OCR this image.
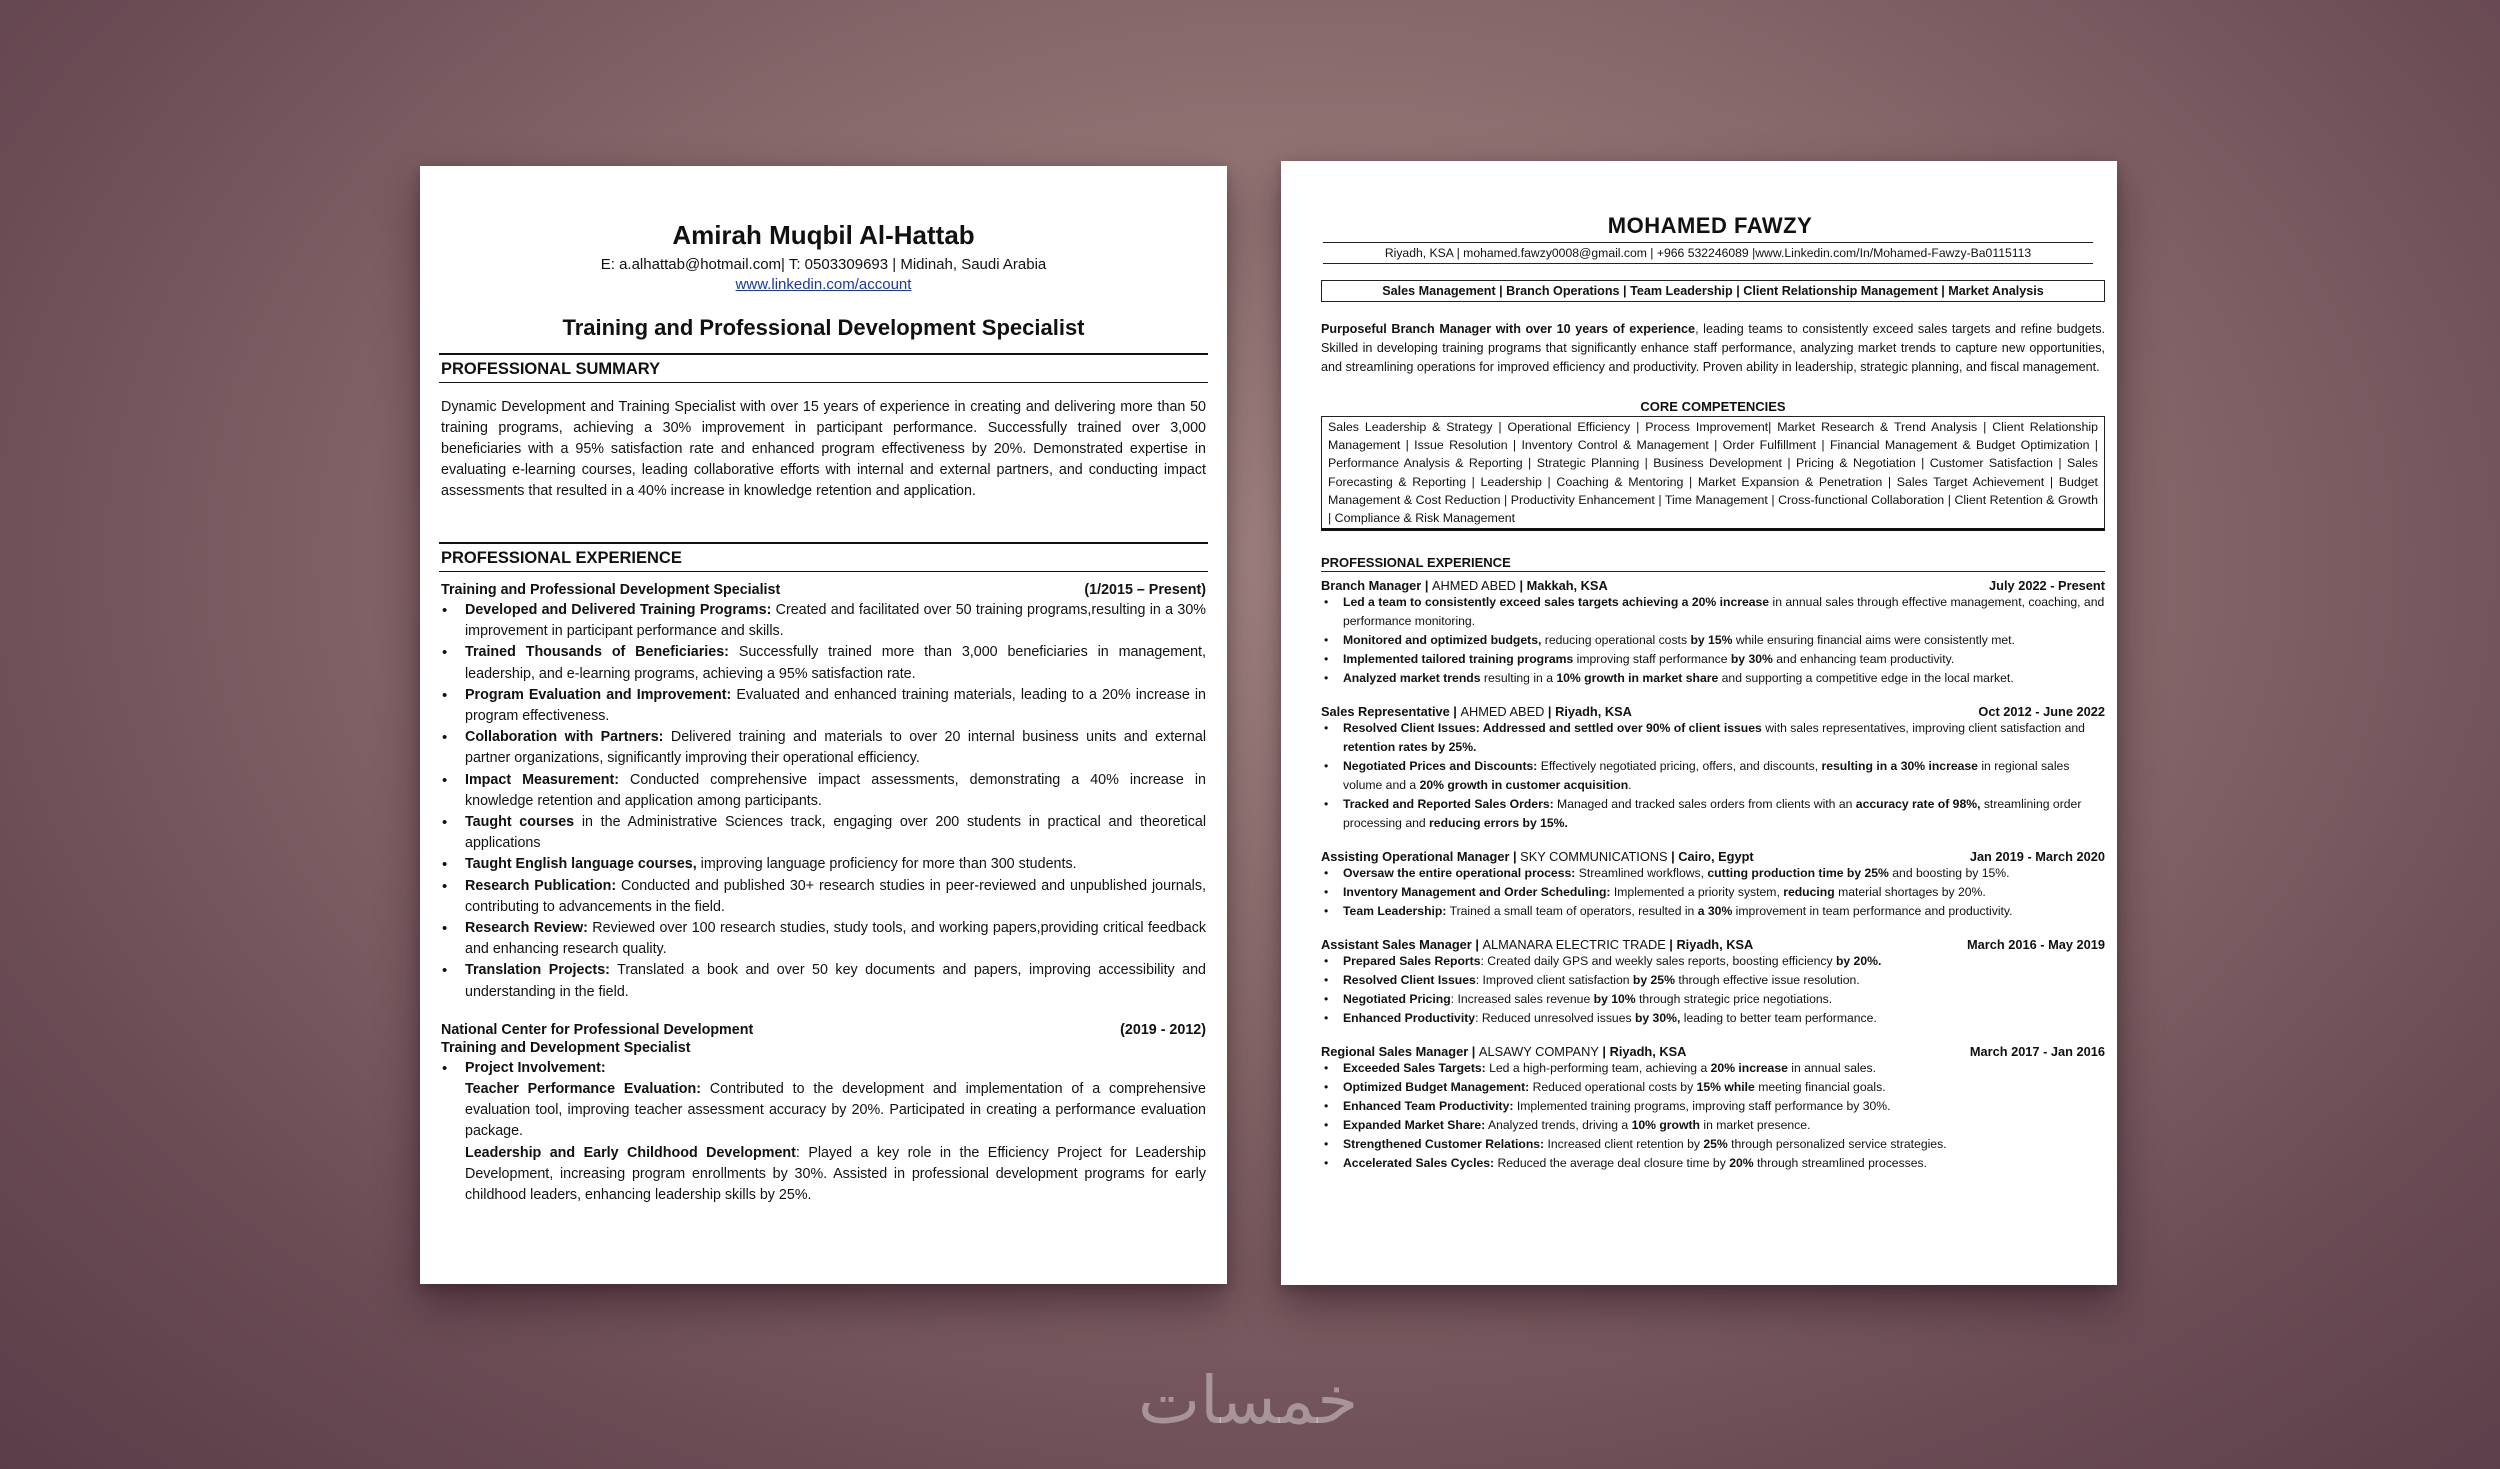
Amirah Muqbil Al-Hattab
E: a.alhattab@hotmail.com| T: 0503309693 | Midinah, Saudi Arabia
www.linkedin.com/account
Training and Professional Development Specialist
PROFESSIONAL SUMMARY
Dynamic Development and Training Specialist with over 15 years of experience in creating and delivering more than 50 training programs, achieving a 30% improvement in participant performance. Successfully trained over 3,000 beneficiaries with a 95% satisfaction rate and enhanced program effectiveness by 20%. Demonstrated expertise in evaluating e-learning courses, leading collaborative efforts with internal and external partners, and conducting impact assessments that resulted in a 40% increase in knowledge retention and application.
PROFESSIONAL EXPERIENCE
Training and Professional Development Specialist	(1/2015 – Present)
• Developed and Delivered Training Programs: Created and facilitated over 50 training programs,resulting in a 30% improvement in participant performance and skills.
• Trained Thousands of Beneficiaries: Successfully trained more than 3,000 beneficiaries in management, leadership, and e-learning programs, achieving a 95% satisfaction rate.
• Program Evaluation and Improvement: Evaluated and enhanced training materials, leading to a 20% increase in program effectiveness.
• Collaboration with Partners: Delivered training and materials to over 20 internal business units and external partner organizations, significantly improving their operational efficiency.
• Impact Measurement: Conducted comprehensive impact assessments, demonstrating a 40% increase in knowledge retention and application among participants.
• Taught courses in the Administrative Sciences track, engaging over 200 students in practical and theoretical applications
• Taught English language courses, improving language proficiency for more than 300 students.
• Research Publication: Conducted and published 30+ research studies in peer-reviewed and unpublished journals, contributing to advancements in the field.
• Research Review: Reviewed over 100 research studies, study tools, and working papers,providing critical feedback and enhancing research quality.
• Translation Projects: Translated a book and over 50 key documents and papers, improving accessibility and understanding in the field.
National Center for Professional Development	(2019 - 2012)
Training and Development Specialist
• Project Involvement:
Teacher Performance Evaluation: Contributed to the development and implementation of a comprehensive evaluation tool, improving teacher assessment accuracy by 20%. Participated in creating a performance evaluation package.
Leadership and Early Childhood Development: Played a key role in the Efficiency Project for Leadership Development, increasing program enrollments by 30%. Assisted in professional development programs for early childhood leaders, enhancing leadership skills by 25%.
MOHAMED FAWZY
Riyadh, KSA | mohamed.fawzy0008@gmail.com | +966 532246089 |www.Linkedin.com/In/Mohamed-Fawzy-Ba0115113
Sales Management | Branch Operations | Team Leadership | Client Relationship Management | Market Analysis
Purposeful Branch Manager with over 10 years of experience, leading teams to consistently exceed sales targets and refine budgets. Skilled in developing training programs that significantly enhance staff performance, analyzing market trends to capture new opportunities, and streamlining operations for improved efficiency and productivity. Proven ability in leadership, strategic planning, and fiscal management.
CORE COMPETENCIES
Sales Leadership & Strategy | Operational Efficiency | Process Improvement| Market Research & Trend Analysis | Client Relationship Management | Issue Resolution | Inventory Control & Management | Order Fulfillment | Financial Management & Budget Optimization | Performance Analysis & Reporting | Strategic Planning | Business Development | Pricing & Negotiation | Customer Satisfaction | Sales Forecasting & Reporting | Leadership | Coaching & Mentoring | Market Expansion & Penetration | Sales Target Achievement | Budget Management & Cost Reduction | Productivity Enhancement | Time Management | Cross-functional Collaboration | Client Retention & Growth | Compliance & Risk Management
PROFESSIONAL EXPERIENCE
Branch Manager | AHMED ABED | Makkah, KSA	July 2022 - Present
• Led a team to consistently exceed sales targets achieving a 20% increase in annual sales through effective management, coaching, and performance monitoring.
• Monitored and optimized budgets, reducing operational costs by 15% while ensuring financial aims were consistently met.
• Implemented tailored training programs improving staff performance by 30% and enhancing team productivity.
• Analyzed market trends resulting in a 10% growth in market share and supporting a competitive edge in the local market.
Sales Representative | AHMED ABED | Riyadh, KSA	Oct 2012 - June 2022
• Resolved Client Issues: Addressed and settled over 90% of client issues with sales representatives, improving client satisfaction and retention rates by 25%.
• Negotiated Prices and Discounts: Effectively negotiated pricing, offers, and discounts, resulting in a 30% increase in regional sales volume and a 20% growth in customer acquisition.
• Tracked and Reported Sales Orders: Managed and tracked sales orders from clients with an accuracy rate of 98%, streamlining order processing and reducing errors by 15%.
Assisting Operational Manager | SKY COMMUNICATIONS | Cairo, Egypt	Jan 2019 - March 2020
• Oversaw the entire operational process: Streamlined workflows, cutting production time by 25% and boosting by 15%.
• Inventory Management and Order Scheduling: Implemented a priority system, reducing material shortages by 20%.
• Team Leadership: Trained a small team of operators, resulted in a 30% improvement in team performance and productivity.
Assistant Sales Manager | ALMANARA ELECTRIC TRADE | Riyadh, KSA	March 2016 - May 2019
• Prepared Sales Reports: Created daily GPS and weekly sales reports, boosting efficiency by 20%.
• Resolved Client Issues: Improved client satisfaction by 25% through effective issue resolution.
• Negotiated Pricing: Increased sales revenue by 10% through strategic price negotiations.
• Enhanced Productivity: Reduced unresolved issues by 30%, leading to better team performance.
Regional Sales Manager | ALSAWY COMPANY | Riyadh, KSA	March 2017 - Jan 2016
• Exceeded Sales Targets: Led a high-performing team, achieving a 20% increase in annual sales.
• Optimized Budget Management: Reduced operational costs by 15% while meeting financial goals.
• Enhanced Team Productivity: Implemented training programs, improving staff performance by 30%.
• Expanded Market Share: Analyzed trends, driving a 10% growth in market presence.
• Strengthened Customer Relations: Increased client retention by 25% through personalized service strategies.
• Accelerated Sales Cycles: Reduced the average deal closure time by 20% through streamlined processes.
خمسات
